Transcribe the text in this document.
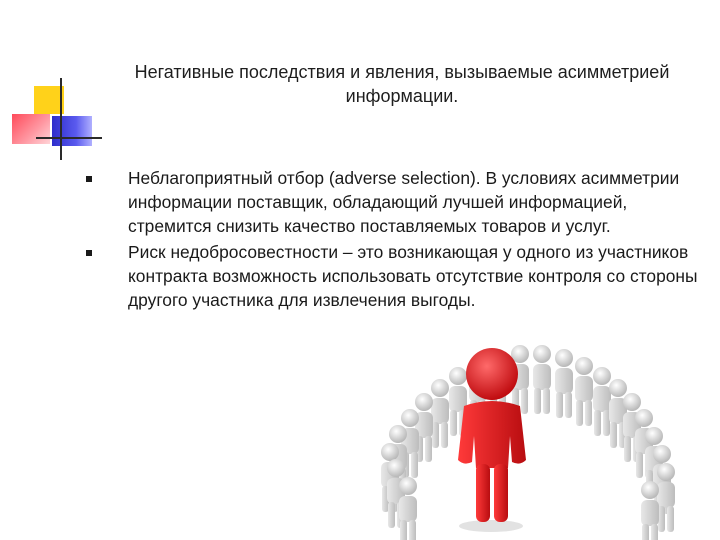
Негативные последствия и явления, вызываемые асимметрией информации.
Неблагоприятный отбор (adverse selection). В условиях асимметрии информации поставщик, обладающий лучшей информацией, стремится снизить качество поставляемых товаров и услуг.
Риск недобросовестности – это возникающая у одного из участников контракта возможность использовать отсутствие контроля со стороны другого участника для извлечения выгоды.
